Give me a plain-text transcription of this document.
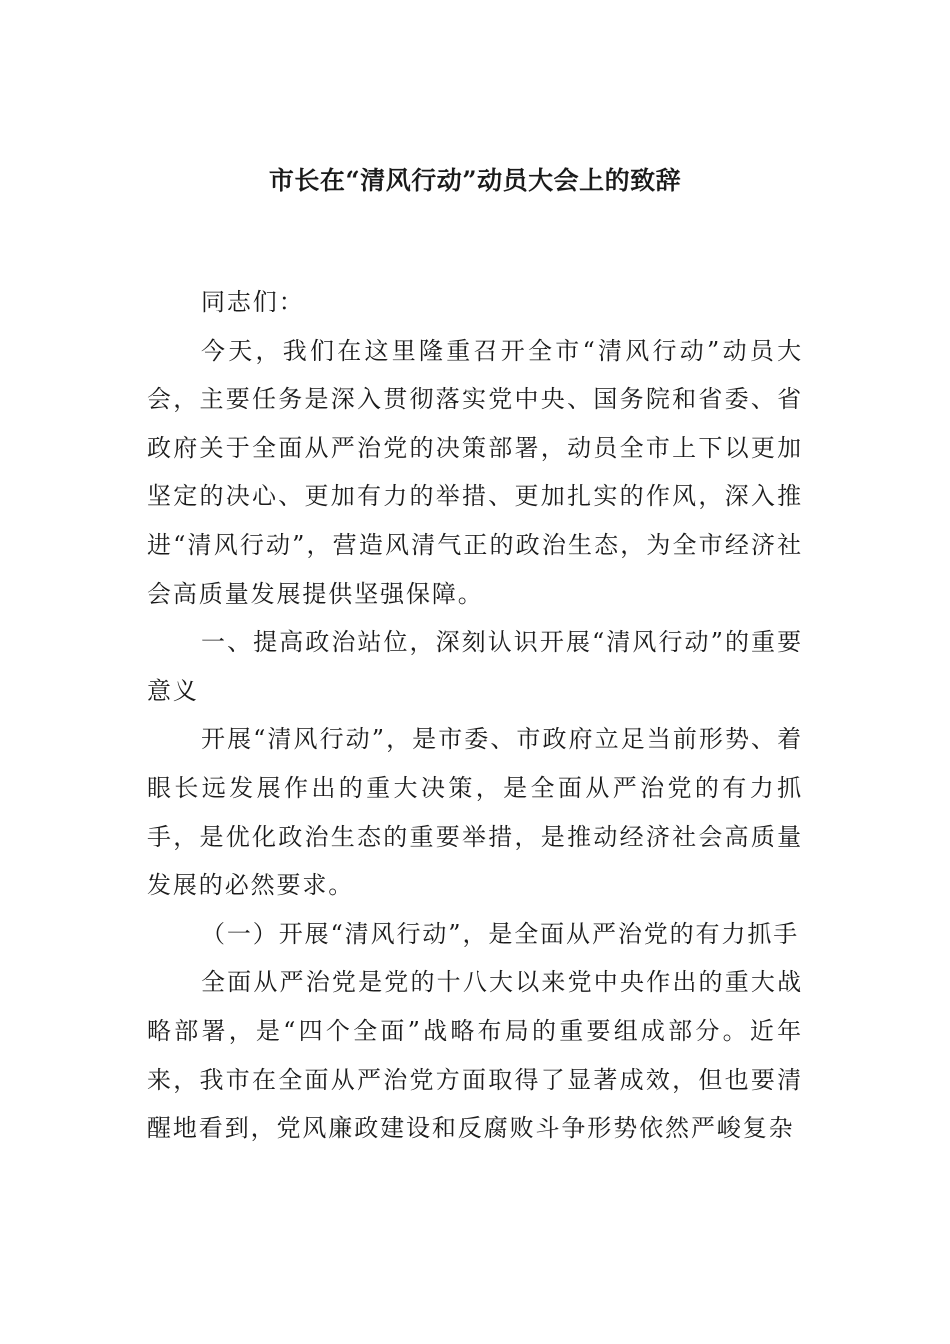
市长在“清风行动”动员大会上的致辞

同志们：

今天，我们在这里隆重召开全市“清风行动”动员大会，主要任务是深入贯彻落实党中央、国务院和省委、省政府关于全面从严治党的决策部署，动员全市上下以更加坚定的决心、更加有力的举措、更加扎实的作风，深入推进“清风行动”，营造风清气正的政治生态，为全市经济社会高质量发展提供坚强保障。

一、提高政治站位，深刻认识开展“清风行动”的重要意义

开展“清风行动”，是市委、市政府立足当前形势、着眼长远发展作出的重大决策，是全面从严治党的有力抓手，是优化政治生态的重要举措，是推动经济社会高质量发展的必然要求。

（一）开展“清风行动”，是全面从严治党的有力抓手

全面从严治党是党的十八大以来党中央作出的重大战略部署，是“四个全面”战略布局的重要组成部分。近年来，我市在全面从严治党方面取得了显著成效，但也要清醒地看到，党风廉政建设和反腐败斗争形势依然严峻复杂
